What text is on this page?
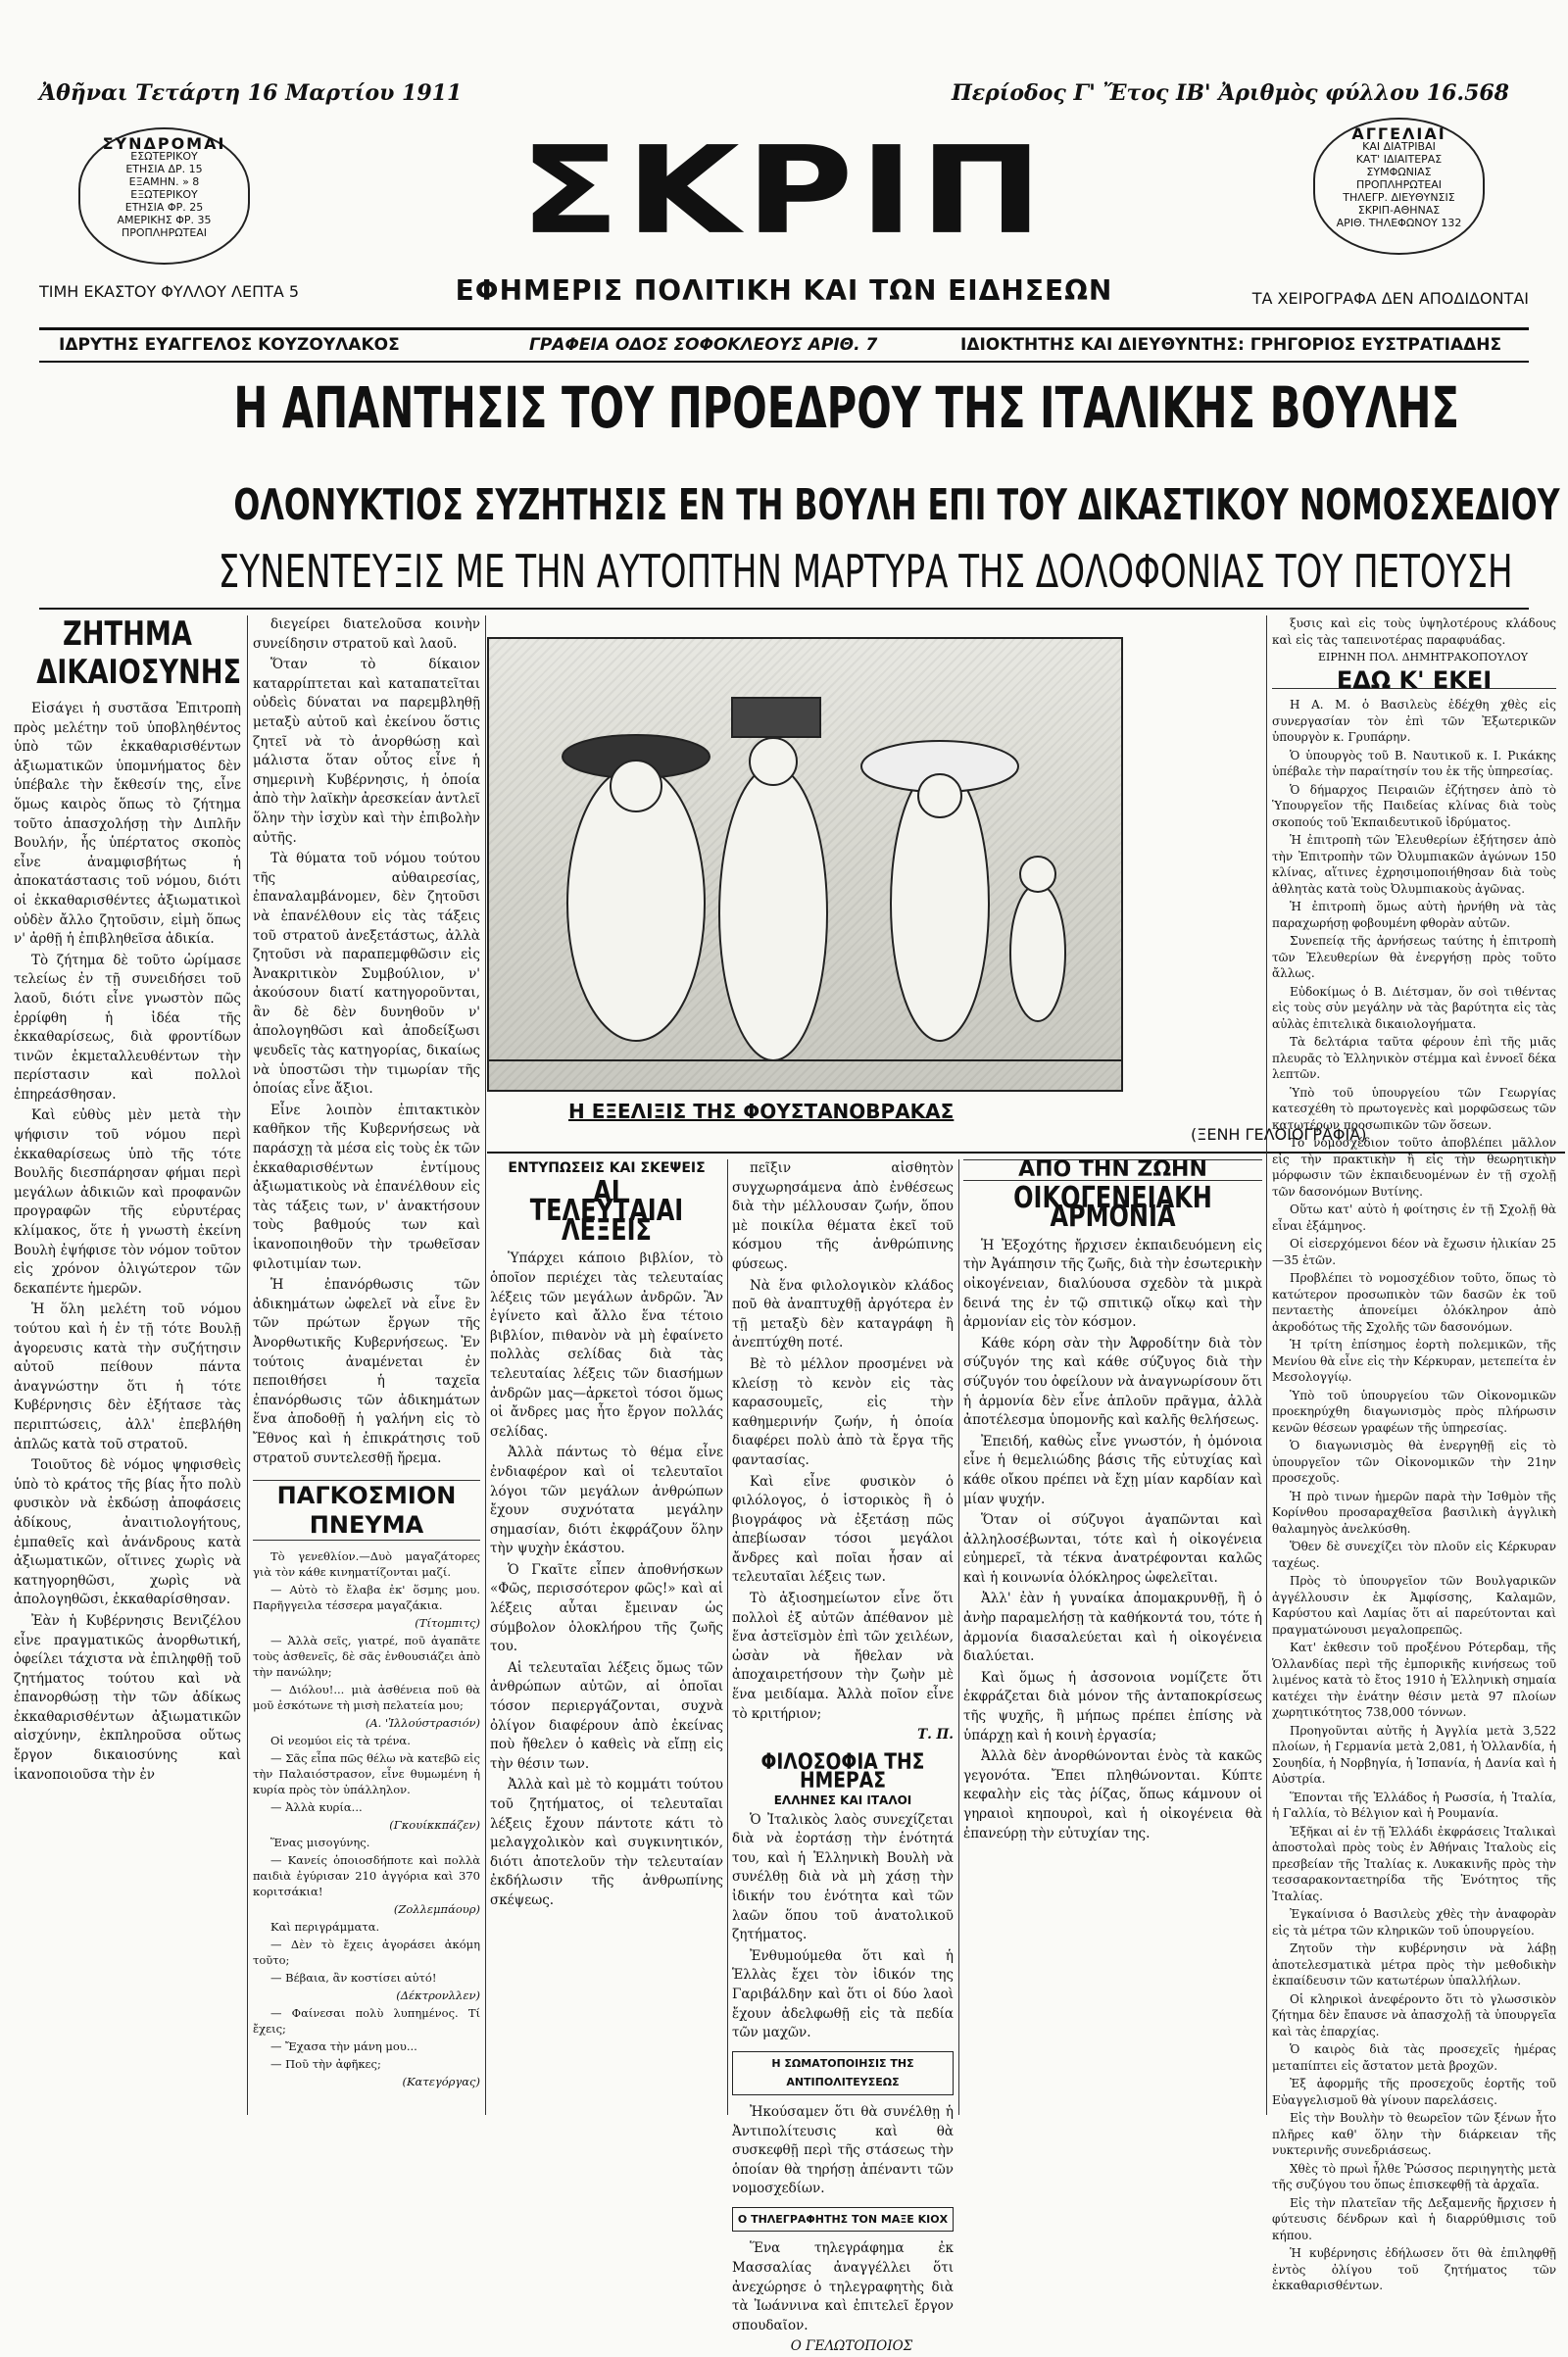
Ἀθῆναι Τετάρτη 16 Μαρτίου 1911	Περίοδος Γ' Ἔτος ΙΒ' Ἀριθμὸς φύλλου 16.568
ΣΥΝΔΡΟΜΑΙ
ΕΣΩΤΕΡΙΚΟΥ
ΕΤΗΣΙΑ ΔΡ. 15
ΕΞΑΜΗΝ. » 8
ΕΞΩΤΕΡΙΚΟΥ
ΕΤΗΣΙΑ ΦΡ. 25
ΑΜΕΡΙΚΗΣ ΦΡ. 35
ΠΡΟΠΛΗΡΩΤΕΑΙ ΣΚΡΙΠ	ΑΓΓΕΛΙΑΙ
ΚΑΙ ΔΙΑΤΡΙΒΑΙ
ΚΑΤ' ΙΔΙΑΙΤΕΡΑΣ
ΣΥΜΦΩΝΙΑΣ
ΠΡΟΠΛΗΡΩΤΕΑΙ
ΤΗΛΕΓΡ. ΔΙΕΥΘΥΝΣΙΣ
ΣΚΡΙΠ-ΑΘΗΝΑΣ
ΑΡΙΘ. ΤΗΛΕΦΩΝΟΥ 132
ΤΙΜΗ ΕΚΑΣΤΟΥ ΦΥΛΛΟΥ ΛΕΠΤΑ 5	ΕΦΗΜΕΡΙΣ ΠΟΛΙΤΙΚΗ ΚΑΙ ΤΩΝ ΕΙΔΗΣΕΩΝ	ΤΑ ΧΕΙΡΟΓΡΑΦΑ ΔΕΝ ΑΠΟΔΙΔΟΝΤΑΙ
ΙΔΡΥΤΗΣ ΕΥΑΓΓΕΛΟΣ ΚΟΥΖΟΥΛΑΚΟΣ	ΓΡΑΦΕΙΑ ΟΔΟΣ ΣΟΦΟΚΛΕΟΥΣ ΑΡΙΘ. 7	ΙΔΙΟΚΤΗΤΗΣ ΚΑΙ ΔΙΕΥΘΥΝΤΗΣ: ΓΡΗΓΟΡΙΟΣ ΕΥΣΤΡΑΤΙΑΔΗΣ
Η ΑΠΑΝΤΗΣΙΣ ΤΟΥ ΠΡΟΕΔΡΟΥ ΤΗΣ ΙΤΑΛΙΚΗΣ ΒΟΥΛΗΣ
ΟΛΟΝΥΚΤΙΟΣ ΣΥΖΗΤΗΣΙΣ ΕΝ ΤΗ ΒΟΥΛΗ ΕΠΙ ΤΟΥ ΔΙΚΑΣΤΙΚΟΥ ΝΟΜΟΣΧΕΔΙΟΥ
ΣΥΝΕΝΤΕΥΞΙΣ ΜΕ ΤΗΝ ΑΥΤΟΠΤΗΝ ΜΑΡΤΥΡΑ ΤΗΣ ΔΟΛΟΦΟΝΙΑΣ ΤΟΥ ΠΕΤΟΥΣΗ
ΖΗΤΗΜΑ
ΔΙΚΑΙΟΣΥΝΗΣ

Εἰσάγει ἡ συστᾶσα Ἐπιτροπὴ πρὸς μελέτην τοῦ ὑποβληθέντος ὑπὸ τῶν ἐκκαθαρισθέντων ἀξιωματικῶν ὑπομνήματος δὲν ὑπέβαλε τὴν ἔκθεσίν της, εἶνε ὅμως καιρὸς ὅπως τὸ ζήτημα τοῦτο ἀπασχολήσῃ τὴν Διπλῆν Βουλήν, ἧς ὑπέρτατος σκοπὸς εἶνε ἀναμφισβήτως ἡ ἀποκατάστασις τοῦ νόμου, διότι οἱ ἐκκαθαρισθέντες ἀξιωματικοὶ οὐδὲν ἄλλο ζητοῦσιν, εἰμὴ ὅπως ν' ἀρθῇ ἡ ἐπιβληθεῖσα ἀδικία.

Τὸ ζήτημα δὲ τοῦτο ὡρίμασε τελείως ἐν τῇ συνειδήσει τοῦ λαοῦ, διότι εἶνε γνωστὸν πῶς ἐρρίφθη ἡ ἰδέα τῆς ἐκκαθαρίσεως, διὰ φροντίδων τινῶν ἐκμεταλλευθέντων τὴν περίστασιν καὶ πολλοὶ ἐπηρεάσθησαν.

Καὶ εὐθὺς μὲν μετὰ τὴν ψήφισιν τοῦ νόμου περὶ ἐκκαθαρίσεως ὑπὸ τῆς τότε Βουλῆς διεσπάρησαν φήμαι περὶ μεγάλων ἀδικιῶν καὶ προφανῶν προγραφῶν τῆς εὐρυτέρας κλίμακος, ὅτε ἡ γνωστὴ ἐκείνη Βουλὴ ἐψήφισε τὸν νόμον τοῦτον εἰς χρόνον ὀλιγώτερον τῶν δεκαπέντε ἡμερῶν.

Ἡ ὅλη μελέτη τοῦ νόμου τούτου καὶ ἡ ἐν τῇ τότε Βουλῇ ἀγορευσις κατὰ τὴν συζήτησιν αὐτοῦ πείθουν πάντα ἀναγνώστην ὅτι ἡ τότε Κυβέρνησις δὲν ἐξήτασε τὰς περιπτώσεις, ἀλλ' ἐπεβλήθη ἀπλῶς κατὰ τοῦ στρατοῦ.

Τοιοῦτος δὲ νόμος ψηφισθεὶς ὑπὸ τὸ κράτος τῆς βίας ἦτο πολὺ φυσικὸν νὰ ἐκδώσῃ ἀποφάσεις ἀδίκους, ἀναιτιολογήτους, ἐμπαθεῖς καὶ ἀνάνδρους κατὰ ἀξιωματικῶν, οἵτινες χωρὶς νὰ κατηγορηθῶσι, χωρὶς νὰ ἀπολογηθῶσι, ἐκκαθαρίσθησαν.

Ἐὰν ἡ Κυβέρνησις Βενιζέλου εἶνε πραγματικῶς ἀνορθωτική, ὀφείλει τάχιστα νὰ ἐπιληφθῇ τοῦ ζητήματος τούτου καὶ νὰ ἐπανορθώσῃ τὴν τῶν ἀδίκως ἐκκαθαρισθέντων ἀξιωματικῶν αἰσχύνην, ἐκπληροῦσα οὕτως ἔργον δικαιοσύνης καὶ ἱκανοποιοῦσα τὴν ἐν

διεγείρει διατελοῦσα κοινὴν συνείδησιν στρατοῦ καὶ λαοῦ.

Ὅταν τὸ δίκαιον καταρρίπτεται καὶ καταπατεῖται οὐδεὶς δύναται να παρεμβληθῇ μεταξὺ αὐτοῦ καὶ ἐκείνου ὅστις ζητεῖ νὰ τὸ ἀνορθώσῃ καὶ μάλιστα ὅταν οὗτος εἶνε ἡ σημερινὴ Κυβέρνησις, ἡ ὁποία ἀπὸ τὴν λαϊκὴν ἀρεσκείαν ἀντλεῖ ὅλην τὴν ἰσχὺν καὶ τὴν ἐπιβολὴν αὐτῆς.

Τὰ θύματα τοῦ νόμου τούτου τῆς αὐθαιρεσίας, ἐπαναλαμβάνομεν, δὲν ζητοῦσι νὰ ἐπανέλθουν εἰς τὰς τάξεις τοῦ στρατοῦ ἀνεξετάστως, ἀλλὰ ζητοῦσι νὰ παραπεμφθῶσιν εἰς Ἀνακριτικὸν Συμβούλιον, ν' ἀκούσουν διατί κατηγοροῦνται, ἂν δὲ δὲν δυνηθοῦν ν' ἀπολογηθῶσι καὶ ἀποδείξωσι ψευδεῖς τὰς κατηγορίας, δικαίως νὰ ὑποστῶσι τὴν τιμωρίαν τῆς ὁποίας εἶνε ἄξιοι.

Εἶνε λοιπὸν ἐπιτακτικὸν καθῆκον τῆς Κυβερνήσεως νὰ παράσχῃ τὰ μέσα εἰς τοὺς ἐκ τῶν ἐκκαθαρισθέντων ἐντίμους ἀξιωματικοὺς νὰ ἐπανέλθουν εἰς τὰς τάξεις των, ν' ἀνακτήσουν τοὺς βαθμούς των καὶ ἱκανοποιηθοῦν τὴν τρωθεῖσαν φιλοτιμίαν των.

Ἡ ἐπανόρθωσις τῶν ἀδικημάτων ὠφελεῖ νὰ εἶνε ἓν τῶν πρώτων ἔργων τῆς Ἀνορθωτικῆς Κυβερνήσεως. Ἐν τούτοις ἀναμένεται ἐν πεποιθήσει ἡ ταχεῖα ἐπανόρθωσις τῶν ἀδικημάτων ἕνα ἀποδοθῇ ἡ γαλήνη εἰς τὸ Ἔθνος καὶ ἡ ἐπικράτησις τοῦ στρατοῦ συντελεσθῇ ἤρεμα.

ΠΑΓΚΟΣΜΙΟΝ ΠΝΕΥΜΑ

Τὸ γενεθλίον.—Δυὸ μαγαζάτορες γιὰ τὸν κάθε κινηματίζονται μαζί.

— Αὐτὸ τὸ ἔλαβα ἐκ' ὅσμης μου. Παρῆγγειλα τέσσερα μαγαζάκια.

(Τίτομπιτς)

— Ἀλλὰ σεῖς, γιατρέ, ποῦ ἀγαπᾶτε τοὺς ἀσθενεῖς, δὲ σᾶς ἐνθουσιάζει ἀπὸ τὴν πανώλην;

— Διόλου!... μιὰ ἀσθένεια ποῦ θὰ μοῦ ἐσκότωνε τὴ μισὴ πελατεία μου;

(Α. 'Ἱλλούστρασιόν)

Οἱ νεομύοι εἰς τὰ τρένα.

— Σᾶς εἶπα πῶς θέλω νὰ κατεβῶ εἰς τὴν Παλαιόστρασον, εἶνε θυμωμένη ἡ κυρία πρὸς τὸν ὑπάλληλον.

— Ἀλλὰ κυρία...

(Γκουίκκπάζεν)

Ἕνας μισογύνης.

— Κανείς ὁποιοσδήποτε καὶ πολλὰ παιδιὰ ἐγύρισαν 210 ἀγγόρια καὶ 370 κοριτσάκια!

(Ζολλεμπάουρ)

Καὶ περιγράμματα.

— Δὲν τὸ ἔχεις ἀγοράσει ἀκόμη τοῦτο;

— Βέβαια, ἂν κοστίσει αὐτό!

(Δέκτρονλλεν)

— Φαίνεσαι πολὺ λυπημένος. Τί ἔχεις;

— Ἔχασα τὴν μάνη μου...

— Ποῦ τὴν ἀφῆκες;

(Κατεγόργας)

Η ΕΞΕΛΙΞΙΣ ΤΗΣ ΦΟΥΣΤΑΝΟΒΡΑΚΑΣ
(ΞΕΝΗ ΓΕΛΟΙΟΓΡΑΦΙΑ)
ΕΝΤΥΠΩΣΕΙΣ ΚΑΙ ΣΚΕΨΕΙΣ
ΑΙ ΤΕΛΕΥΤΑΙΑΙ ΛΕΞΕΙΣ

Ὑπάρχει κάποιο βιβλίον, τὸ ὁποῖον περιέχει τὰς τελευταίας λέξεις τῶν μεγάλων ἀνδρῶν. Ἂν ἐγίνετο καὶ ἄλλο ἕνα τέτοιο βιβλίον, πιθανὸν νὰ μὴ ἐφαίνετο πολλὰς σελίδας διὰ τὰς τελευταίας λέξεις τῶν διασήμων ἀνδρῶν μας—ἀρκετοὶ τόσοι ὅμως οἱ ἄνδρες μας ἦτο ἔργον πολλάς σελίδας.

Ἀλλὰ πάντως τὸ θέμα εἶνε ἐνδιαφέρον καὶ οἱ τελευταῖοι λόγοι τῶν μεγάλων ἀνθρώπων ἔχουν συχνότατα μεγάλην σημασίαν, διότι ἐκφράζουν ὅλην τὴν ψυχὴν ἑκάστου.

Ὁ Γκαῖτε εἶπεν ἀποθνήσκων «Φῶς, περισσότερον φῶς!» καὶ αἱ λέξεις αὗται ἔμειναν ὡς σύμβολον ὁλοκλήρου τῆς ζωῆς του.

Αἱ τελευταῖαι λέξεις ὅμως τῶν ἀνθρώπων αὐτῶν, αἱ ὁποῖαι τόσον περιεργάζονται, συχνὰ ὀλίγον διαφέρουν ἀπὸ ἐκείνας ποὺ ἤθελεν ὁ καθεὶς νὰ εἴπῃ εἰς τὴν θέσιν των.

Ἀλλὰ καὶ μὲ τὸ κομμάτι τούτου τοῦ ζητήματος, οἱ τελευταῖαι λέξεις ἔχουν πάντοτε κάτι τὸ μελαγχολικὸν καὶ συγκινητικόν, διότι ἀποτελοῦν τὴν τελευταίαν ἐκδήλωσιν τῆς ἀνθρωπίνης σκέψεως.

πεῖξιν αἰσθητὸν συγχωρησάμενα ἀπὸ ἐνθέσεως διὰ τὴν μέλλουσαν ζωήν, ὅπου μὲ ποικίλα θέματα ἐκεῖ τοῦ κόσμου τῆς ἀνθρώπινης φύσεως.

Νὰ ἕνα φιλολογικὸν κλάδος ποῦ θὰ ἀναπτυχθῇ ἀργότερα ἐν τῇ μεταξὺ δὲν καταγράφη ἢ ἀνεπτύχθη ποτέ.

Βὲ τὸ μέλλον προσμένει νὰ κλείσῃ τὸ κενὸν εἰς τὰς καρασουμεῖς, εἰς τὴν καθημερινήν ζωήν, ἡ ὁποία διαφέρει πολὺ ἀπὸ τὰ ἔργα τῆς φαντασίας.

Καὶ εἶνε φυσικὸν ὁ φιλόλογος, ὁ ἱστορικὸς ἢ ὁ βιογράφος νὰ ἐξετάσῃ πῶς ἀπεβίωσαν τόσοι μεγάλοι ἄνδρες καὶ ποῖαι ἦσαν αἱ τελευταῖαι λέξεις των.

Τὸ ἀξιοσημείωτον εἶνε ὅτι πολλοὶ ἐξ αὐτῶν ἀπέθανον μὲ ἕνα ἀστεϊσμὸν ἐπὶ τῶν χειλέων, ὡσὰν νὰ ἤθελαν νὰ ἀποχαιρετήσουν τὴν ζωὴν μὲ ἕνα μειδίαμα. Ἀλλὰ ποῖον εἶνε τὸ κριτήριον;

Τ. Π.

ΦΙΛΟΣΟΦΙΑ ΤΗΣ ΗΜΕΡΑΣ
ΕΛΛΗΝΕΣ ΚΑΙ ΙΤΑΛΟΙ

Ὁ Ἰταλικὸς λαὸς συνεχίζεται διὰ νὰ ἐορτάσῃ τὴν ἑνότητά του, καὶ ἡ Ἑλληνικὴ Βουλὴ νὰ συνέλθῃ διὰ νὰ μὴ χάσῃ τὴν ἰδικήν του ἑνότητα καὶ τῶν λαῶν ὅπου τοῦ ἀνατολικοῦ ζητήματος.

Ἐνθυμούμεθα ὅτι καὶ ἡ Ἑλλὰς ἔχει τὸν ἰδικόν της Γαριβάλδην καὶ ὅτι οἱ δύο λαοὶ ἔχουν ἀδελφωθῇ εἰς τὰ πεδία τῶν μαχῶν.

Η ΣΩΜΑΤΟΠΟΙΗΣΙΣ ΤΗΣ ΑΝΤΙΠΟΛΙΤΕΥΣΕΩΣ

Ἠκούσαμεν ὅτι θὰ συνέλθῃ ἡ Ἀντιπολίτευσις καὶ θὰ συσκεφθῇ περὶ τῆς στάσεως τὴν ὁποίαν θὰ τηρήσῃ ἀπέναντι τῶν νομοσχεδίων.

Ο ΤΗΛΕΓΡΑΦΗΤΗΣ ΤΟΝ ΜΑΞΕ ΚΙΟΧ

Ἕνα τηλεγράφημα ἐκ Μασσαλίας ἀναγγέλλει ὅτι ἀνεχώρησε ὁ τηλεγραφητὴς διὰ τὰ Ἰωάννινα καὶ ἐπιτελεῖ ἔργον σπουδαῖον.

Ο ΓΕΛΩΤΟΠΟΙΟΣ

ΑΠΟ ΤΗΝ ΖΩΗΝ
ΟΙΚΟΓΕΝΕΙΑΚΗ ΑΡΜΟΝΙΑ

Ἡ Ἐξοχότης ἤρχισεν ἐκπαιδευόμενη εἰς τὴν Ἀγάπησιν τῆς ζωῆς, διὰ τὴν ἐσωτερικὴν οἰκογένειαν, διαλύουσα σχεδὸν τὰ μικρὰ δεινά της ἐν τῷ σπιτικῷ οἴκῳ καὶ τὴν ἀρμονίαν εἰς τὸν κόσμον.

Κάθε κόρη σὰν τὴν Ἀφροδίτην διὰ τὸν σύζυγόν της καὶ κάθε σύζυγος διὰ τὴν σύζυγόν του ὀφείλουν νὰ ἀναγνωρίσουν ὅτι ἡ ἁρμονία δὲν εἶνε ἁπλοῦν πρᾶγμα, ἀλλὰ ἀποτέλεσμα ὑπομονῆς καὶ καλῆς θελήσεως.

Ἐπειδή, καθὼς εἶνε γνωστόν, ἡ ὁμόνοια εἶνε ἡ θεμελιώδης βάσις τῆς εὐτυχίας καὶ κάθε οἴκου πρέπει νὰ ἔχῃ μίαν καρδίαν καὶ μίαν ψυχήν.

Ὅταν οἱ σύζυγοι ἀγαπῶνται καὶ ἀλληλοσέβωνται, τότε καὶ ἡ οἰκογένεια εὐημερεῖ, τὰ τέκνα ἀνατρέφονται καλῶς καὶ ἡ κοινωνία ὁλόκληρος ὠφελεῖται.

Ἀλλ' ἐὰν ἡ γυναίκα ἀπομακρυνθῇ, ἢ ὁ ἀνὴρ παραμελήσῃ τὰ καθήκοντά του, τότε ἡ ἀρμονία διασαλεύεται καὶ ἡ οἰκογένεια διαλύεται.

Καὶ ὅμως ἡ ἀσσονοια νομίζετε ὅτι ἐκφράζεται διὰ μόνον τῆς ἀνταποκρίσεως τῆς ψυχῆς, ἢ μήπως πρέπει ἐπίσης νὰ ὑπάρχῃ καὶ ἡ κοινὴ ἐργασία;

Ἀλλὰ δὲν ἀνορθώνονται ἑνὸς τὰ κακῶς γεγονότα. Ἔπει πληθώνονται. Κύπτε κεφαλὴν εἰς τὰς ῥίζας, ὅπως κάμνουν οἱ γηραιοὶ κηπουροὶ, καὶ ἡ οἰκογένεια θὰ ἐπανεύρῃ τὴν εὐτυχίαν της.

ξυσις καὶ εἰς τοὺς ὑψηλοτέρους κλάδους καὶ εἰς τὰς ταπεινοτέρας παραφυάδας.

ΕΙΡΗΝΗ ΠΟΛ. ΔΗΜΗΤΡΑΚΟΠΟΥΛΟΥ

ΕΔΩ Κ' ΕΚΕΙ

Η Α. Μ. ὁ Βασιλεὺς ἐδέχθη χθὲς εἰς συνεργασίαν τὸν ἐπὶ τῶν Ἐξωτερικῶν ὑπουργὸν κ. Γρυπάρην.

Ὁ ὑπουργὸς τοῦ Β. Ναυτικοῦ κ. Ι. Ρικάκης ὑπέβαλε τὴν παραίτησίν του ἐκ τῆς ὑπηρεσίας.

Ὁ δήμαρχος Πειραιῶν ἐζήτησεν ἀπὸ τὸ Ὑπουργεῖον τῆς Παιδείας κλίνας διὰ τοὺς σκοπούς τοῦ Ἐκπαιδευτικοῦ ἰδρύματος.

Ἡ ἐπιτροπὴ τῶν Ἐλευθερίων ἐξήτησεν ἀπὸ τὴν Ἐπιτροπὴν τῶν Ὀλυμπιακῶν ἀγώνων 150 κλίνας, αἵτινες ἐχρησιμοποιήθησαν διὰ τοὺς ἀθλητὰς κατὰ τοὺς Ὀλυμπιακοὺς ἀγῶνας.

Ἡ ἐπιτροπὴ ὅμως αὐτὴ ἠρνήθη νὰ τὰς παραχωρήσῃ φοβουμένη φθορὰν αὐτῶν.

Συνεπείᾳ τῆς ἀρνήσεως ταύτης ἡ ἐπιτροπὴ τῶν Ἐλευθερίων θὰ ἐνεργήσῃ πρὸς τοῦτο ἄλλως.

Εὐδοκίμως ὁ Β. Διέτσμαν, ὅν σοὶ τιθέντας εἰς τοὺς σὐν μεγάλην νὰ τὰς βαρύτητα εἰς τὰς αὐλὰς ἐπιτελικὰ δικαιολογήματα.

Τὰ δελτάρια ταῦτα φέρουν ἐπὶ τῆς μιᾶς πλευρᾶς τὸ Ἑλληνικὸν στέμμα καὶ ἐννοεῖ δέκα λεπτῶν.

Ὑπὸ τοῦ ὑπουργείου τῶν Γεωργίας κατεσχέθη τὸ πρωτογενὲς καὶ μορφῶσεως τῶν κατωτέρων προσωπικῶν τῶν ὅσεων.

Τὸ νομοσχέδιον τοῦτο ἀποβλέπει μᾶλλον εἰς τὴν πρακτικὴν ἢ εἰς τὴν θεωρητικὴν μόρφωσιν τῶν ἐκπαιδευομένων ἐν τῇ σχολῇ τῶν δασονόμων Βυτίνης.

Οὕτω κατ' αὐτὸ ἡ φοίτησις ἐν τῇ Σχολῇ θὰ εἶναι ἐξάμηνος.

Οἱ εἰσερχόμενοι δέον νὰ ἔχωσιν ἡλικίαν 25—35 ἐτῶν.

Προβλέπει τὸ νομοσχέδιον τοῦτο, ὅπως τὸ κατώτερον προσωπικὸν τῶν δασῶν ἐκ τοῦ πενταετὴς ἀπονείμει ὁλόκληρον ἀπὸ ἀκροδότως τῆς Σχολῆς τῶν δασονόμων.

Ἡ τρίτη ἐπίσημος ἑορτὴ πολεμικῶν, τῆς Μενίου θὰ εἶνε εἰς τὴν Κέρκυραν, μετεπείτα ἐν Μεσολογγίῳ.

Ὑπὸ τοῦ ὑπουργείου τῶν Οἰκονομικῶν προεκηρύχθη διαγωνισμὸς πρὸς πλήρωσιν κενῶν θέσεων γραφέων τῆς ὑπηρεσίας.

Ὁ διαγωνισμὸς θὰ ἐνεργηθῇ εἰς τὸ ὑπουργεῖον τῶν Οἰκονομικῶν τὴν 21ην προσεχοῦς.

Ἡ πρὸ τινων ἡμερῶν παρὰ τὴν Ἰσθμὸν τῆς Κορίνθου προσαραχθεῖσα βασιλικὴ ἀγγλικὴ θαλαμηγὸς ἀνελκύσθη.

Ὅθεν δὲ συνεχίζει τὸν πλοῦν εἰς Κέρκυραν ταχέως.

Πρὸς τὸ ὑπουργεῖον τῶν Βουλγαρικῶν ἀγγέλλουσιν ἐκ Ἀμφίσσης, Καλαμῶν, Καρύστου καὶ Λαμίας ὅτι αἱ παρεύτονται καὶ πραγματώνουσι μεγαλοπρεπῶς.

Κατ' ἐκθεσιν τοῦ προξένου Ρότερδαμ, τῆς Ὁλλανδίας περὶ τῆς ἐμπορικῆς κινήσεως τοῦ λιμένος κατὰ τὸ ἔτος 1910 ἡ Ἑλληνικὴ σημαία κατέχει τὴν ἐνάτην θέσιν μετὰ 97 πλοίων χωρητικότητος 738,000 τόννων.

Προηγοῦνται αὐτῆς ἡ Ἀγγλία μετὰ 3,522 πλοίων, ἡ Γερμανία μετὰ 2,081, ἡ Ὁλλανδία, ἡ Σουηδία, ἡ Νορβηγία, ἡ Ἱσπανία, ἡ Δανία καὶ ἡ Αὐστρία.

Ἕπονται τῆς Ἑλλάδος ἡ Ρωσσία, ἡ Ἰταλία, ἡ Γαλλία, τὸ Βέλγιον καὶ ἡ Ρουμανία.

Ἐξῆκαι αἱ ἐν τῇ Ἑλλάδι ἐκφράσεις Ἰταλικαὶ ἀποστολαὶ πρὸς τοὺς ἐν Ἀθήναις Ἰταλοὺς εἰς πρεσβείαν τῆς Ἰταλίας κ. Λυκακινῆς πρὸς τὴν τεσσαρακονταετηρίδα τῆς Ἑνότητος τῆς Ἰταλίας.

Ἐγκαίνισα ὁ Βασιλεὺς χθὲς τὴν ἀναφορὰν εἰς τὰ μέτρα τῶν κληρικῶν τοῦ ὑπουργείου.

Ζητοῦν τὴν κυβέρνησιν νὰ λάβῃ ἀποτελεσματικὰ μέτρα πρὸς τὴν μεθοδικὴν ἐκπαίδευσιν τῶν κατωτέρων ὑπαλλήλων.

Οἱ κληρικοὶ ἀνεφέροντο ὅτι τὸ γλωσσικὸν ζήτημα δὲν ἔπαυσε νὰ ἀπασχολῇ τὰ ὑπουργεῖα καὶ τὰς ἐπαρχίας.

Ὁ καιρὸς διὰ τὰς προσεχεῖς ἡμέρας μεταπίπτει εἰς ἄστατον μετὰ βροχῶν.

Ἐξ ἀφορμῆς τῆς προσεχοῦς ἑορτῆς τοῦ Εὐαγγελισμοῦ θὰ γίνουν παρελάσεις.

Εἰς τὴν Βουλὴν τὸ θεωρεῖον τῶν ξένων ἦτο πλῆρες καθ' ὅλην τὴν διάρκειαν τῆς νυκτερινῆς συνεδριάσεως.

Χθὲς τὸ πρωὶ ἦλθε Ῥώσσος περιηγητὴς μετὰ τῆς συζύγου του ὅπως ἐπισκεφθῇ τὰ ἀρχαῖα.

Εἰς τὴν πλατεῖαν τῆς Δεξαμενῆς ἤρχισεν ἡ φύτευσις δένδρων καὶ ἡ διαρρύθμισις τοῦ κήπου.

Ἡ κυβέρνησις ἐδήλωσεν ὅτι θὰ ἐπιληφθῇ ἐντὸς ὀλίγου τοῦ ζητήματος τῶν ἐκκαθαρισθέντων.
